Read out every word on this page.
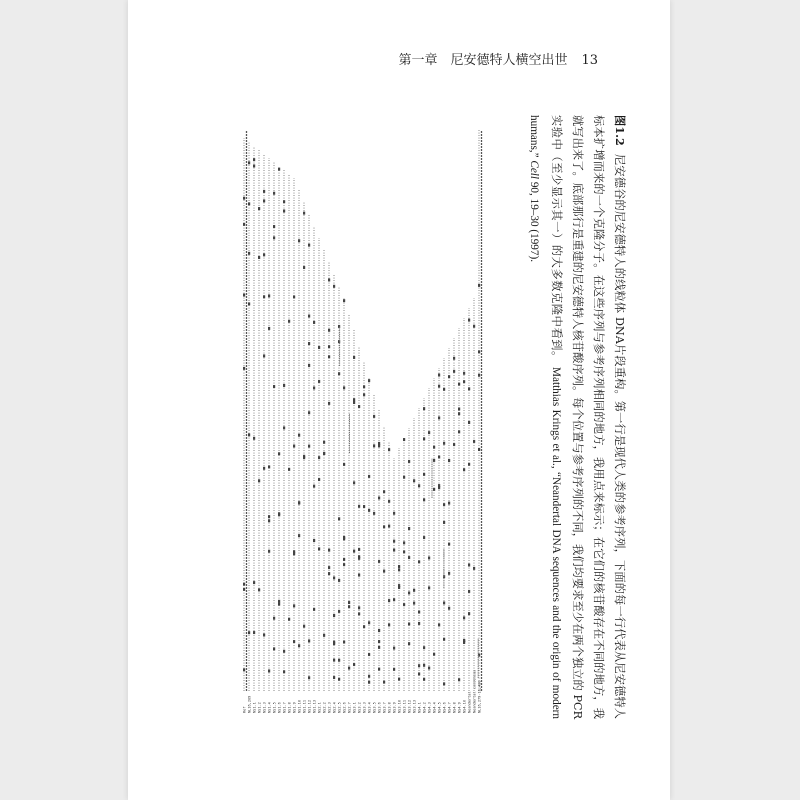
第一章　尼安德特人横空出世 13
Ref NL16,209 NS1.1 NS1.2 NS1.3 NS1.4 NS1.5 NS1.6 NS1.7 NS1.8 NS1.9 NS1.10 NS1.11 NS1.12 NS1.13 NS2.1 NS2.2 NS2.3 NS2.4 NS2.5 NS2.6 NS2.7 NS3.1 NS3.2 NS3.3 NS3.4 NS3.5 NS3.6 NS3.7 NS3.8 NS3.9 NS3.10 NS3.11 NS3.12 NS3.13 NS4.1 NS4.2 NS4.3 NS4.4 NS4.5 NS4.6 NS4.7 NS4.8 NS4.9 NS4.10 Neandertal Neandertal consensus NL16,279-16,400
图1.2尼安德谷的尼安德特人的线粒体 DNA片段重构。第一行是现代人类的参考序列，下面的每一行代表从尼安德特人标本扩增而来的一个克隆分子。在这些序列与参考序列相同的地方，我用点来标示；在它们的核苷酸存在不同的地方，我就写出来了。底部那行是重建的尼安德特人核苷酸序列。每个位置与参考序列的不同，我们均要求至少在两个独立的 PCR实验中（至少显示其一）的大多数克隆中看到。 Matthias Krings et al., “Neandertal DNA sequences and the origin of modern humans,” Cell 90, 19–30 (1997).
